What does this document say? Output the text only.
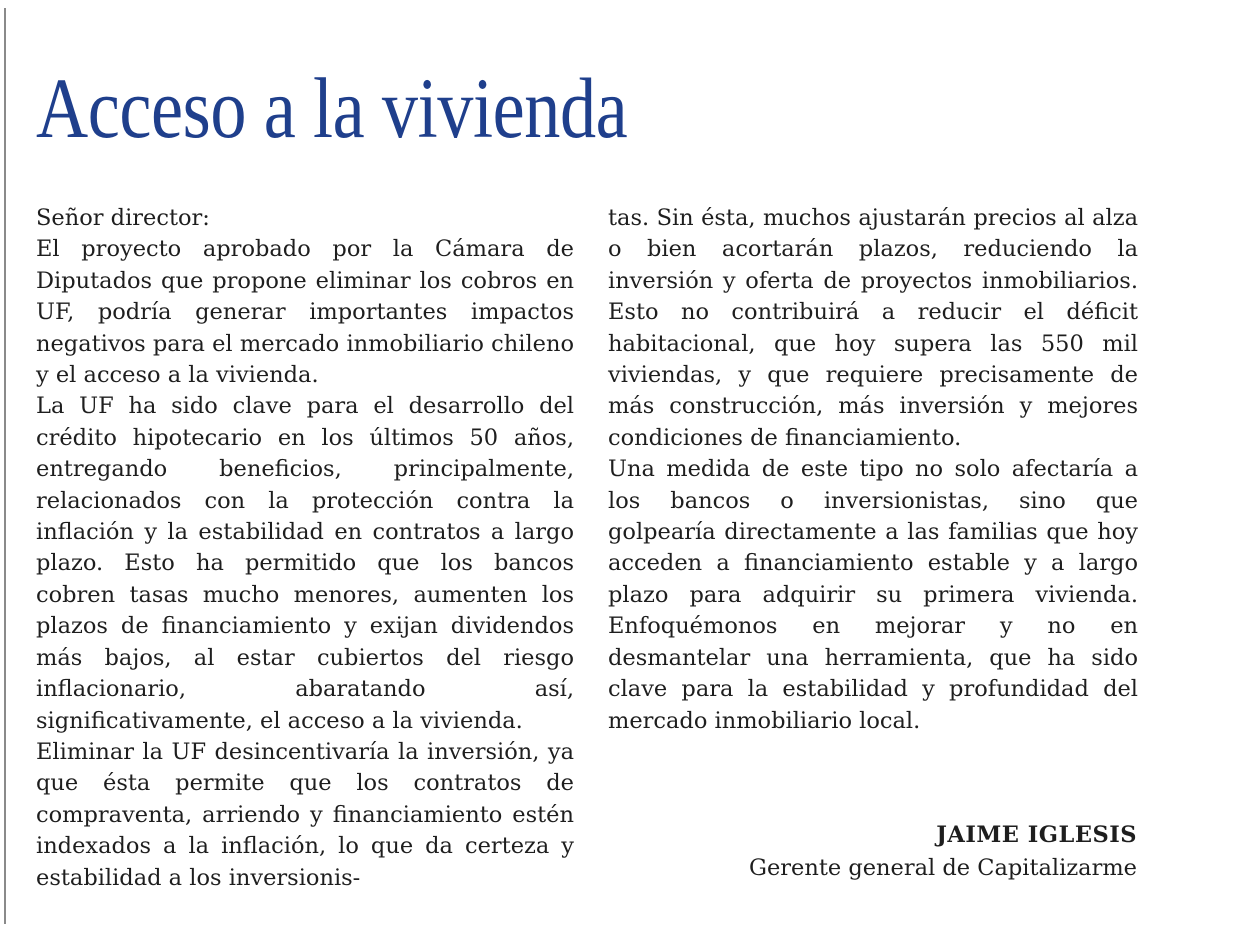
Acceso a la vivienda

Señor director:

El proyecto aprobado por la Cámara de Diputados que propone eliminar los cobros en UF, podría generar importantes impactos negativos para el mercado inmobiliario chileno y el acceso a la vivienda.

La UF ha sido clave para el desarrollo del crédito hipotecario en los últimos 50 años, entregando beneficios, principalmente, relacionados con la protección contra la inflación y la estabilidad en contratos a largo plazo. Esto ha permitido que los bancos cobren tasas mucho menores, aumenten los plazos de financiamiento y exijan dividendos más bajos, al estar cubiertos del riesgo inflacionario, abaratando así, significativamente, el acceso a la vivienda.

Eliminar la UF desincentivaría la inversión, ya que ésta permite que los contratos de compraventa, arriendo y financiamiento estén indexados a la inflación, lo que da certeza y estabilidad a los inversionis-

tas. Sin ésta, muchos ajustarán precios al alza o bien acortarán plazos, reduciendo la inversión y oferta de proyectos inmobiliarios. Esto no contribuirá a reducir el déficit habitacional, que hoy supera las 550 mil viviendas, y que requiere precisamente de más construcción, más inversión y mejores condiciones de financiamiento.

Una medida de este tipo no solo afectaría a los bancos o inversionistas, sino que golpearía directamente a las familias que hoy acceden a financiamiento estable y a largo plazo para adquirir su primera vivienda. Enfoquémonos en mejorar y no en desmantelar una herramienta, que ha sido clave para la estabilidad y profundidad del mercado inmobiliario local.

JAIME IGLESIS
Gerente general de Capitalizarme
